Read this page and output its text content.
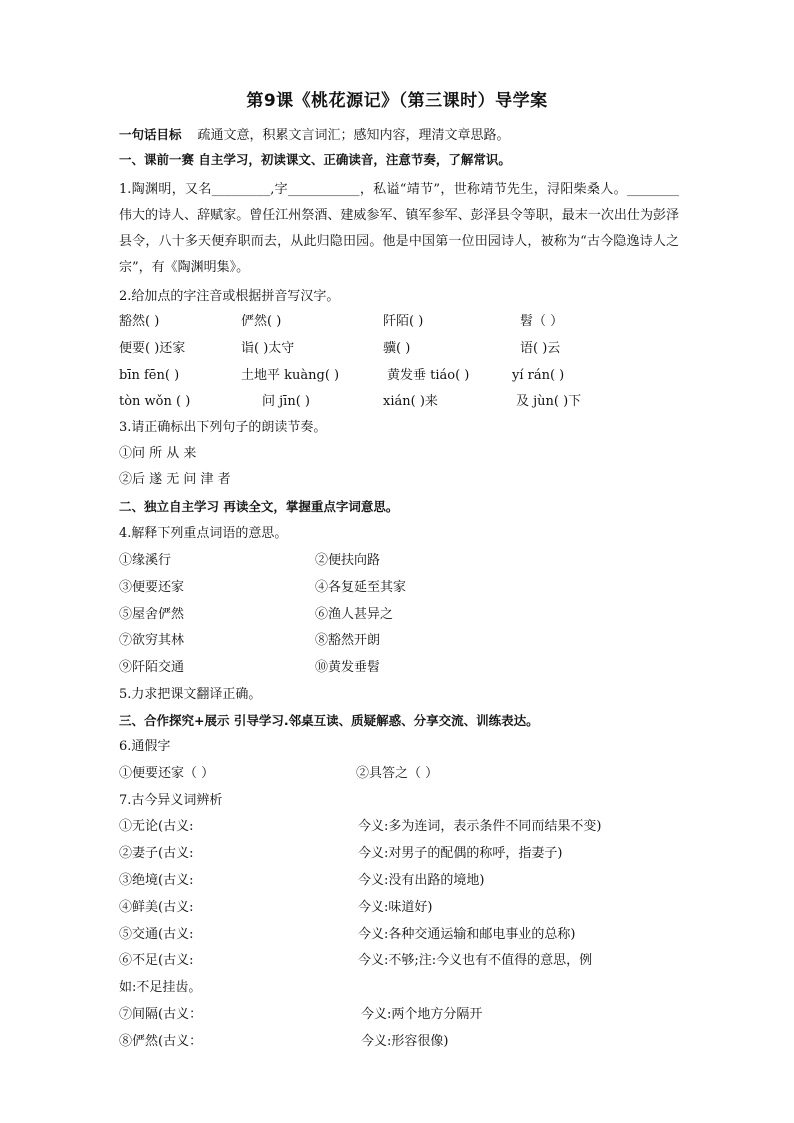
第9课《桃花源记》（第三课时）导学案
一句话目标 疏通文意，积累文言词汇；感知内容，理清文章思路。
一、课前一赛 自主学习，初读课文、正确读音，注意节奏，了解常识。
1.陶渊明，又名_________,字___________，私谥“靖节”，世称靖节先生，浔阳柴桑人。________伟大的诗人、辞赋家。曾任江州祭酒、建威参军、镇军参军、彭泽县令等职，最末一次出仕为彭泽县令，八十多天便弃职而去，从此归隐田园。他是中国第一位田园诗人，被称为“古今隐逸诗人之宗”，有《陶渊明集》。
2.给加点的字注音或根据拼音写汉字。
豁然( )	俨然( )	阡陌( )	髫（ ）
便要( )还家	诣( )太守	骥( )	语( )云
bīn fēn( )	土地平 kuàng( )	黄发垂 tiáo( )	yí rán( )
tòn wǒn ( )	问 jīn( )	xián( )来	及 jùn( )下
3.请正确标出下列句子的朗读节奏。
①问 所 从 来
②后 遂 无 问 津 者
二、独立自主学习 再读全文，掌握重点字词意思。
4.解释下列重点词语的意思。
①缘溪行	②便扶向路
③便要还家	④各复延至其家
⑤屋舍俨然	⑥渔人甚异之
⑦欲穷其林	⑧豁然开朗
⑨阡陌交通	⑩黄发垂髫
5.力求把课文翻译正确。
三、合作探究+展示 引导学习.邻桌互读、质疑解惑、分享交流、训练表达。
6.通假字
①便要还家（ ）	②具答之（ ）
7.古今异义词辨析
①无论(古义:	今义:多为连词，表示条件不同而结果不变)
②妻子(古义:	今义:对男子的配偶的称呼，指妻子)
③绝境(古义:	今义:没有出路的境地)
④鲜美(古义:	今义:味道好)
⑤交通(古义:	今义:各种交通运输和邮电事业的总称)
⑥不足(古义:	今义:不够;注:今义也有不值得的意思，例
如:不足挂齿。
⑦间隔(古义：	今义:两个地方分隔开
⑧俨然(古义：	今义:形容很像)
